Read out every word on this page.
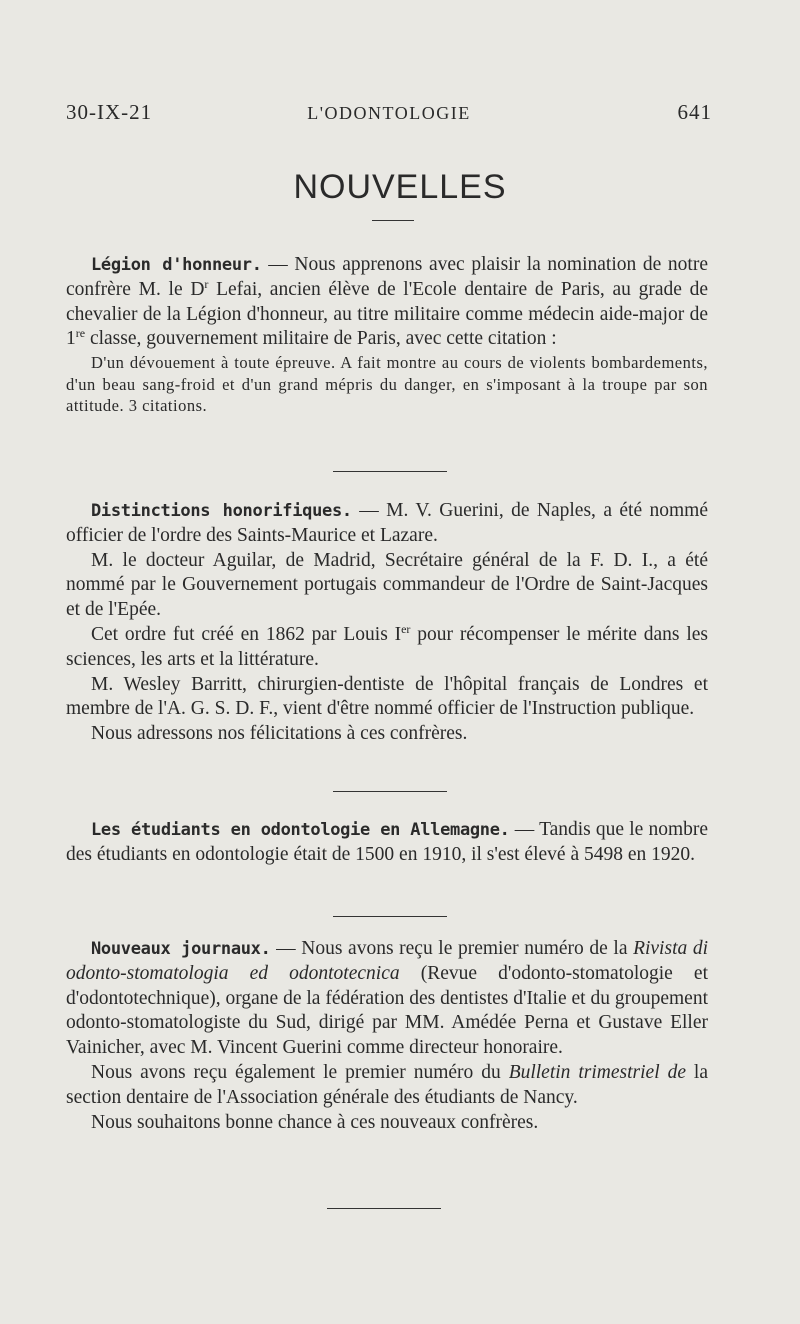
30-IX-21	L'ODONTOLOGIE	641
NOUVELLES

Légion d'honneur. — Nous apprenons avec plaisir la nomination de notre confrère M. le $D^r$ Lefai, ancien élève de l'Ecole dentaire de Paris, au grade de chevalier de la Légion d'honneur, au titre militaire comme médecin aide-major de 1re classe, gouvernement militaire de Paris, avec cette citation :

D'un dévouement à toute épreuve. A fait montre au cours de violents bombardements, d'un beau sang-froid et d'un grand mépris du danger, en s'imposant à la troupe par son attitude. 3 citations.

Distinctions honorifiques. — M. V. Guerini, de Naples, a été nommé officier de l'ordre des Saints-Maurice et Lazare.

M. le docteur Aguilar, de Madrid, Secrétaire général de la F. D. I., a été nommé par le Gouvernement portugais commandeur de l'Ordre de Saint-Jacques et de l'Epée.

Cet ordre fut créé en 1862 par Louis Ier pour récompenser le mérite dans les sciences, les arts et la littérature.

M. Wesley Barritt, chirurgien-dentiste de l'hôpital français de Londres et membre de l'A. G. S. D. F., vient d'être nommé officier de l'Instruction publique.

Nous adressons nos félicitations à ces confrères.

Les étudiants en odontologie en Allemagne. — Tandis que le nombre des étudiants en odontologie était de 1500 en 1910, il s'est élevé à 5498 en 1920.

Nouveaux journaux. — Nous avons reçu le premier numéro de la Rivista di odonto-stomatologia ed odontotecnica (Revue d'odonto-stomatologie et d'odontotechnique), organe de la fédération des dentistes d'Italie et du groupement odonto-stomatologiste du Sud, dirigé par MM. Amédée Perna et Gustave Eller Vainicher, avec M. Vincent Guerini comme directeur honoraire.

Nous avons reçu également le premier numéro du Bulletin trimestriel de la section dentaire de l'Association générale des étudiants de Nancy.

Nous souhaitons bonne chance à ces nouveaux confrères.
